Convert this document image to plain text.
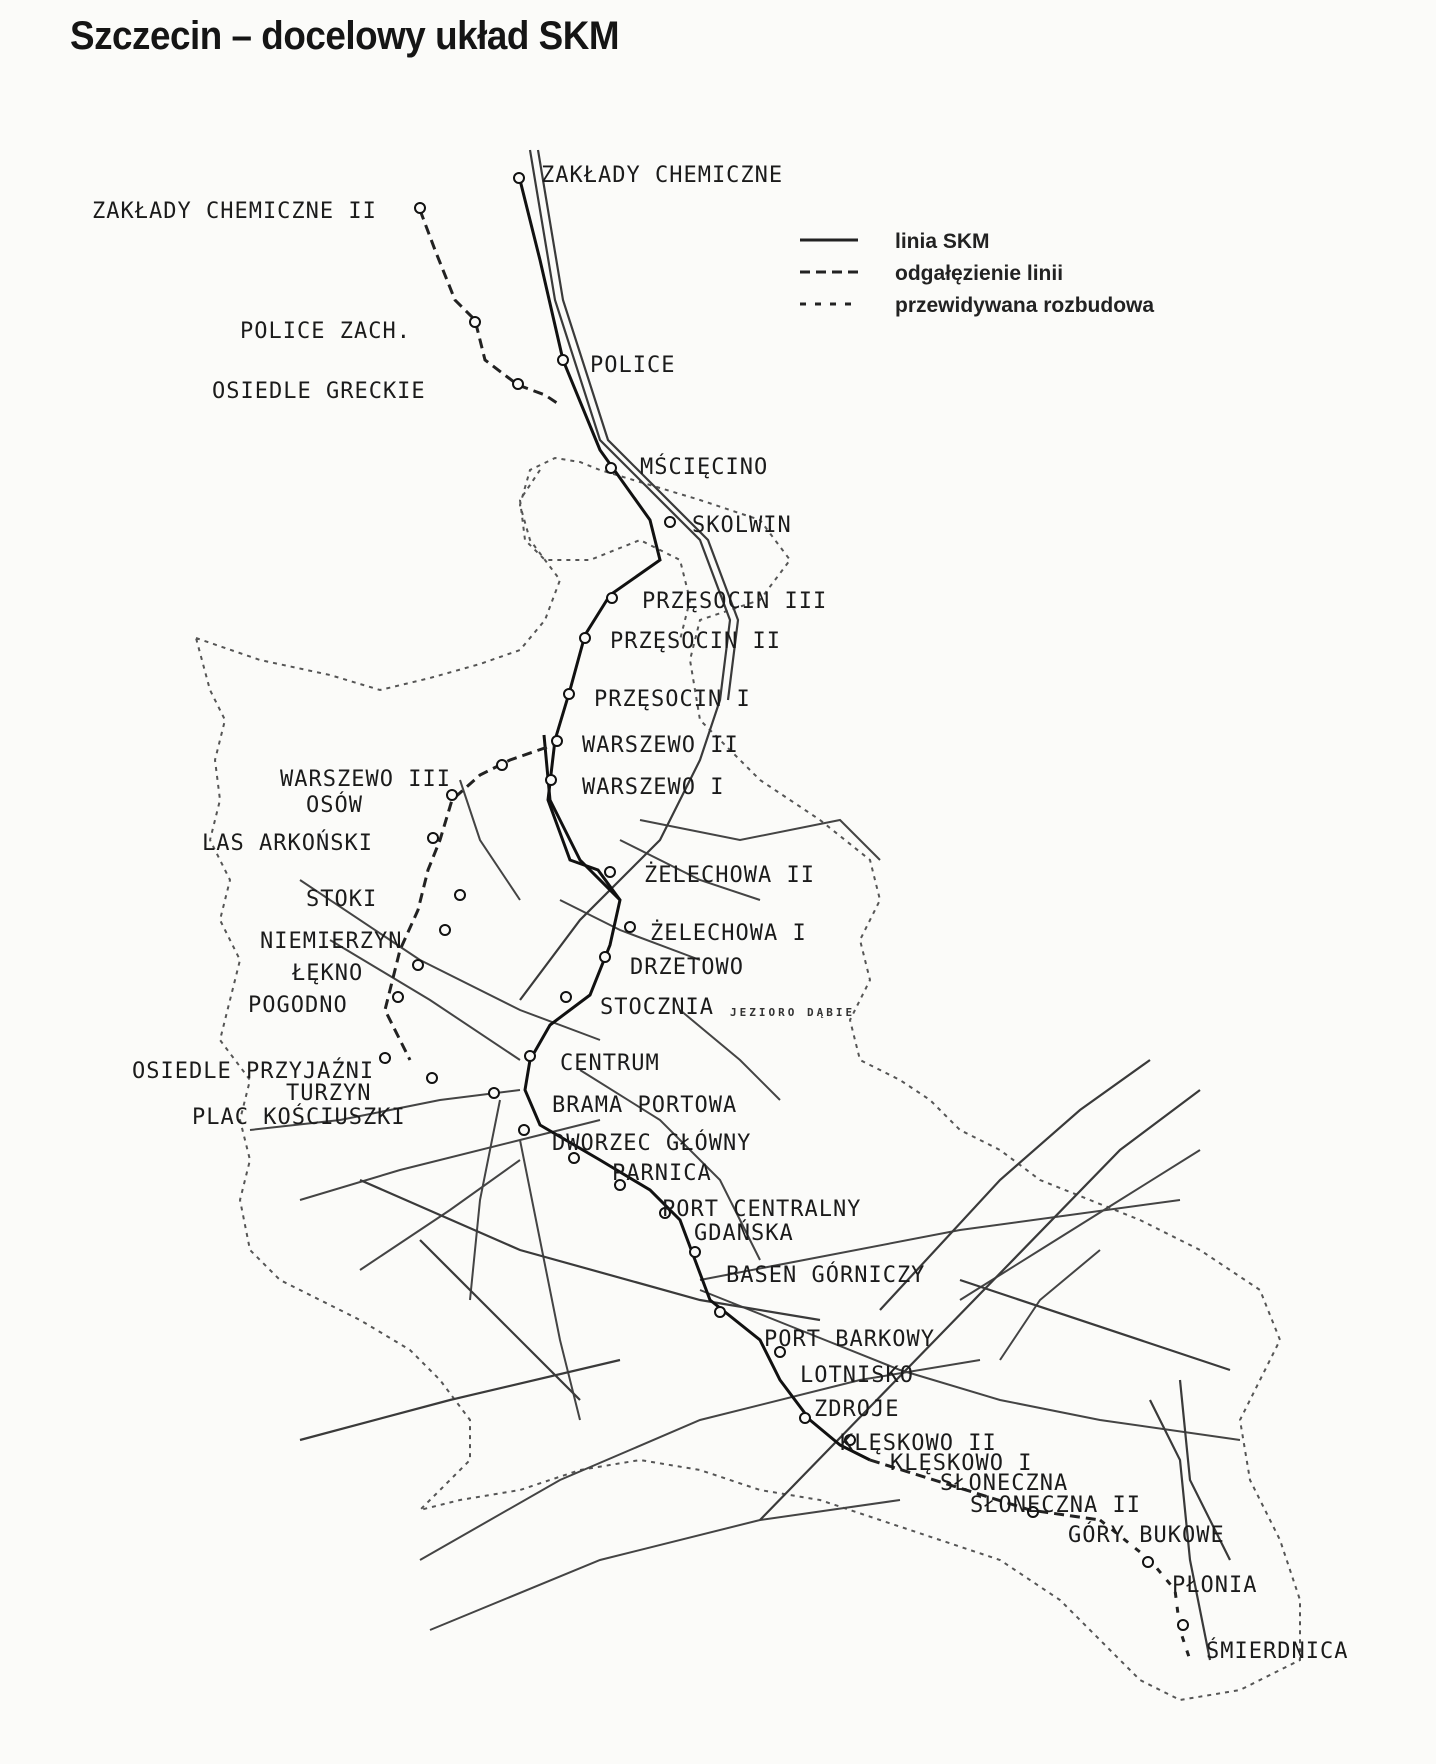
Szczecin – docelowy układ SKM
linia SKM
odgałęzienie linii
przewidywana rozbudowa
JEZIORO DĄBIE
ZAKŁADY CHEMICZNE
ZAKŁADY CHEMICZNE II
POLICE ZACH.
OSIEDLE GRECKIE
POLICE
MŚCIĘCINO
SKOLWIN
PRZĘSOCIN III
PRZĘSOCIN II
PRZĘSOCIN I
WARSZEWO II
WARSZEWO III	WARSZEWO I
OSÓW
LAS ARKOŃSKI
ŻELECHOWA II
STOKI
ŻELECHOWA I
NIEMIERZYN
DRZETOWO
ŁĘKNO
POGODNO	STOCZNIA
CENTRUM
OSIEDLE PRZYJAŹNI
TURZYN	BRAMA PORTOWA
PLAC KOŚCIUSZKI
DWORZEC GŁÓWNY
PARNICA
PORT CENTRALNY
GDAŃSKA
BASEN GÓRNICZY
PORT BARKOWY
LOTNISKO
ZDROJE
KLĘSKOWO II
KLĘSKOWO I
SŁONECZNA
SŁONECZNA II
GÓRY BUKOWE
PŁONIA
ŚMIERDNICA
